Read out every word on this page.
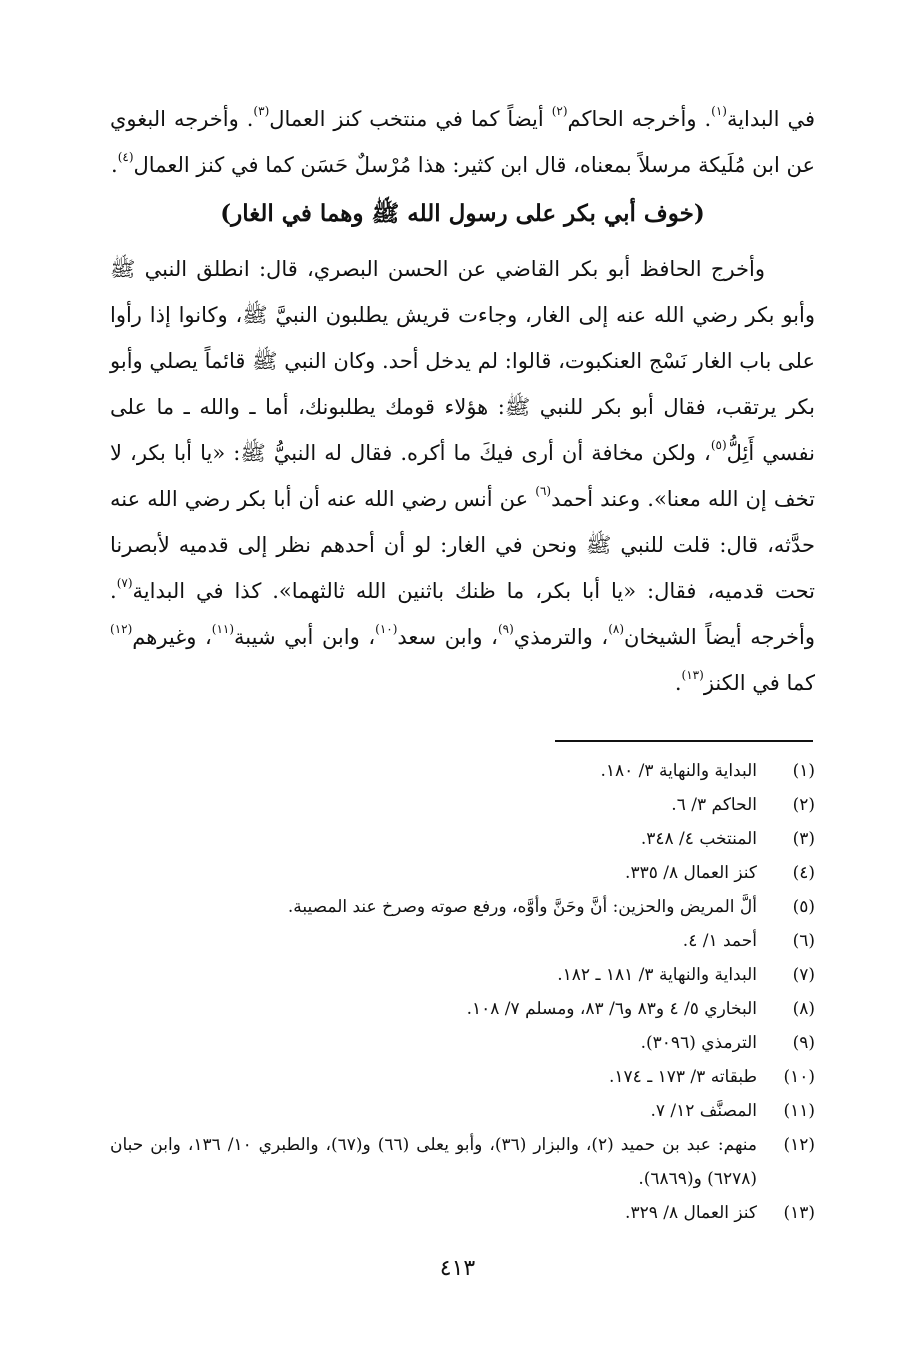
في البداية$^{(١)}$. وأخرجه الحاكم$^{(٢)}$ أيضاً كما في منتخب كنز العمال$^{(٣)}$. وأخرجه البغوي عن ابن مُلَيكة مرسلاً بمعناه، قال ابن كثير: هذا مُرْسلٌ حَسَن كما في كنز العمال$^{(٤)}$.

(خوف أبي بكر على رسول الله ﷺ وهما في الغار)

وأخرج الحافظ أبو بكر القاضي عن الحسن البصري، قال: انطلق النبي ﷺ وأبو بكر رضي الله عنه إلى الغار، وجاءت قريش يطلبون النبيَّ ﷺ، وكانوا إذا رأوا على باب الغار نَسْج العنكبوت، قالوا: لم يدخل أحد. وكان النبي ﷺ قائماً يصلي وأبو بكر يرتقب، فقال أبو بكر للنبي ﷺ: هؤلاء قومك يطلبونك، أما ـ والله ـ ما على نفسي أَئِلُّ$^{(٥)}$، ولكن مخافة أن أرى فيكَ ما أكره. فقال له النبيُّ ﷺ: «يا أبا بكر، لا تخف إن الله معنا». وعند أحمد$^{(٦)}$ عن أنس رضي الله عنه أن أبا بكر رضي الله عنه حدَّثه، قال: قلت للنبي ﷺ ونحن في الغار: لو أن أحدهم نظر إلى قدميه لأبصرنا تحت قدميه، فقال: «يا أبا بكر، ما ظنك باثنين الله ثالثهما». كذا في البداية$^{(٧)}$. وأخرجه أيضاً الشيخان$^{(٨)}$، والترمذي$^{(٩)}$، وابن سعد$^{(١٠)}$، وابن أبي شيبة$^{(١١)}$، وغيرهم$^{(١٢)}$ كما في الكنز$^{(١٣)}$.

(١)
البداية والنهاية ٣/ ١٨٠.
(٢)
الحاكم ٣/ ٦.
(٣)
المنتخب ٤/ ٣٤٨.
(٤)
كنز العمال ٨/ ٣٣٥.
(٥)
ألَّ المريض والحزين: أنَّ وحَنَّ وأوَّه، ورفع صوته وصرخ عند المصيبة.
(٦)
أحمد ١/ ٤.
(٧)
البداية والنهاية ٣/ ١٨١ ـ ١٨٢.
(٨)
البخاري ٥/ ٤ و٨٣ و٦/ ٨٣، ومسلم ٧/ ١٠٨.
(٩)
الترمذي (٣٠٩٦).
(١٠)
طبقاته ٣/ ١٧٣ ـ ١٧٤.
(١١)
المصنَّف ١٢/ ٧.
(١٢)
منهم: عبد بن حميد (٢)، والبزار (٣٦)، وأبو يعلى (٦٦) و(٦٧)، والطبري ١٠/ ١٣٦، وابن حبان (٦٢٧٨) و(٦٨٦٩).
(١٣)
كنز العمال ٨/ ٣٢٩.
٤١٣
